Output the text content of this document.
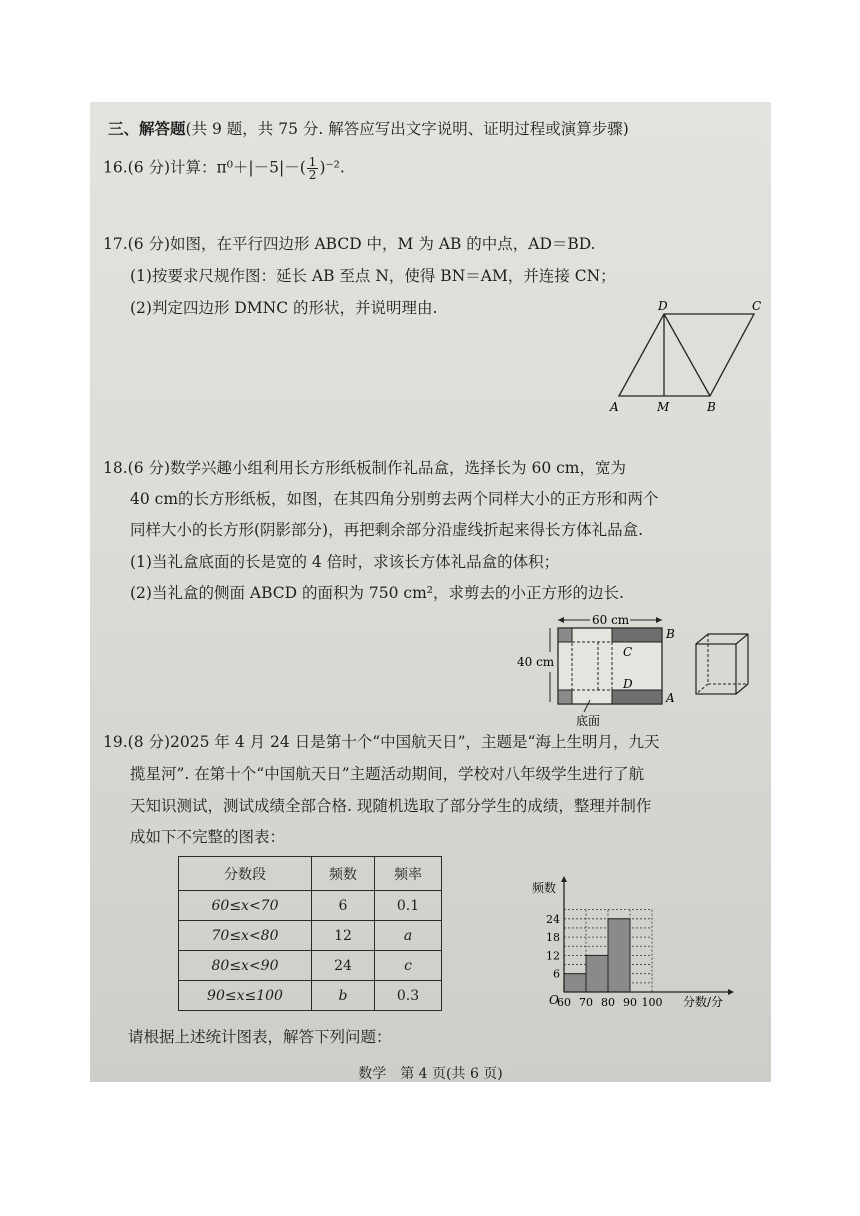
三、解答题(共 9 题，共 75 分. 解答应写出文字说明、证明过程或演算步骤)
16.(6 分)计算：$\pi^0+|-5|-( \frac{1}{2} )^{-2}$.
17.(6 分)如图，在平行四边形 ABCD 中，M 为 AB 的中点，AD＝BD.
(1)按要求尺规作图：延长 AB 至点 N，使得 BN＝AM，并连接 CN；
(2)判定四边形 DMNC 的形状，并说明理由.	D	C
A	M	B
18.(6 分)数学兴趣小组利用长方形纸板制作礼品盒，选择长为 60 cm，宽为
40 cm的长方形纸板，如图，在其四角分别剪去两个同样大小的正方形和两个
同样大小的长方形(阴影部分)，再把剩余部分沿虚线折起来得长方体礼品盒.
(1)当礼盒底面的长是宽的 4 倍时，求该长方体礼品盒的体积；
(2)当礼盒的侧面 ABCD 的面积为 750 cm²，求剪去的小正方形的边长.
60 cm
40 cm
B
C
D
A
底面
19.(8 分)2025 年 4 月 24 日是第十个“中国航天日”，主题是“海上生明月，九天
揽星河”. 在第十个“中国航天日”主题活动期间，学校对八年级学生进行了航
天知识测试，测试成绩全部合格. 现随机选取了部分学生的成绩，整理并制作
成如下不完整的图表：
分数段	频数	频率
60≤x<70	6	0.1
70≤x<80	12	a
80≤x<90	24	c
90≤x≤100	b	0.3
6
12
18
24
60 70 80 90 100
频数
分数/分
O
请根据上述统计图表，解答下列问题：
数学　第 4 页(共 6 页)
